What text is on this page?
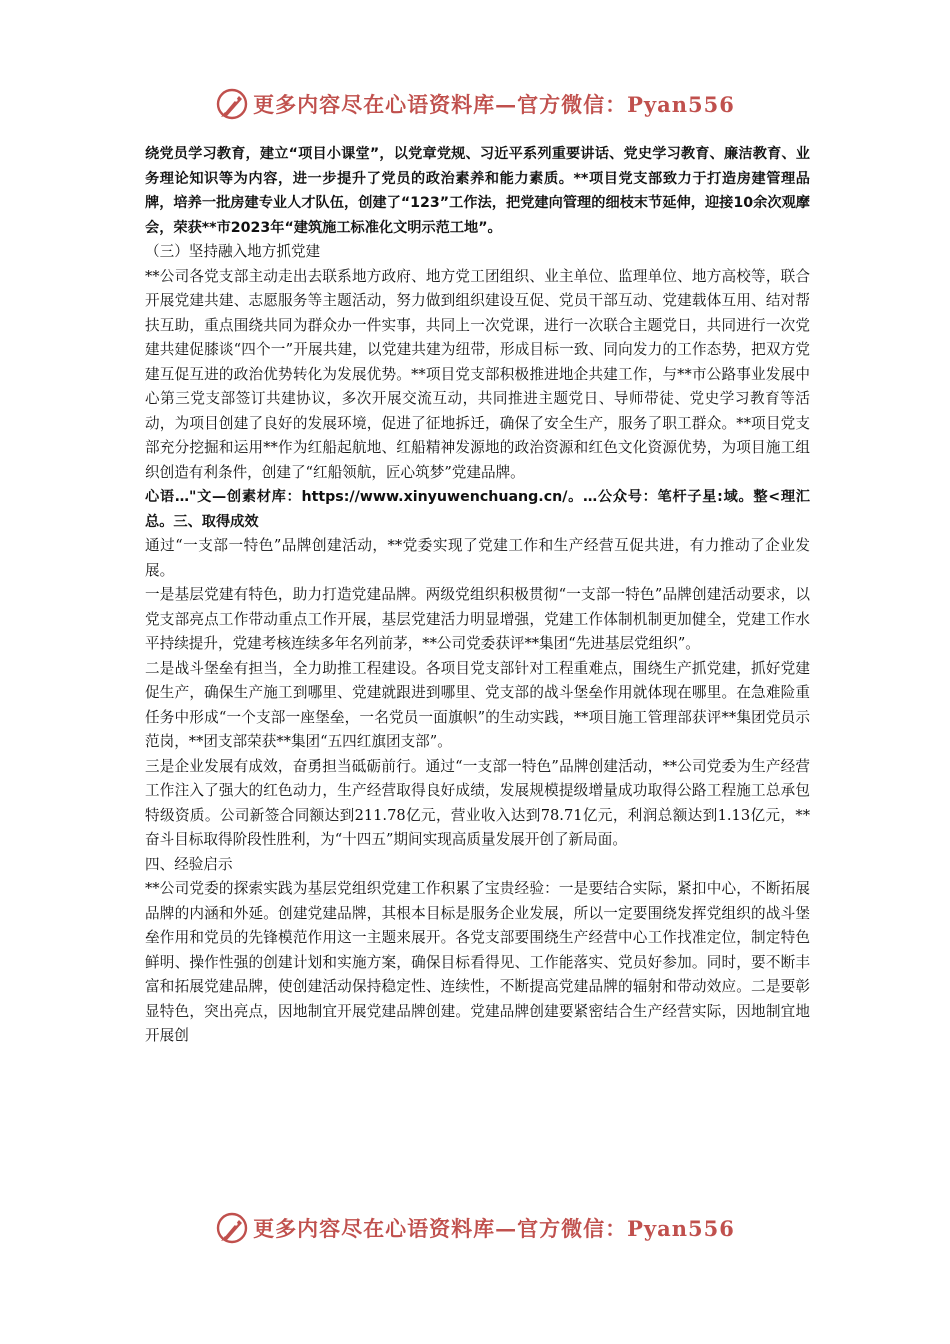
更多内容尽在心语资料库—官方微信：Pyan556

绕党员学习教育，建立“项目小课堂”，以党章党规、习近平系列重要讲话、党史学习教育、廉洁教育、业务理论知识等为内容，进一步提升了党员的政治素养和能力素质。**项目党支部致力于打造房建管理品牌，培养一批房建专业人才队伍，创建了“123”工作法，把党建向管理的细枝末节延伸，迎接10余次观摩会，荣获**市2023年“建筑施工标准化文明示范工地”。

（三）坚持融入地方抓党建

**公司各党支部主动走出去联系地方政府、地方党工团组织、业主单位、监理单位、地方高校等，联合开展党建共建、志愿服务等主题活动，努力做到组织建设互促、党员干部互动、党建载体互用、结对帮扶互助，重点围绕共同为群众办一件实事，共同上一次党课，进行一次联合主题党日，共同进行一次党建共建促膝谈“四个一”开展共建，以党建共建为纽带，形成目标一致、同向发力的工作态势，把双方党建互促互进的政治优势转化为发展优势。**项目党支部积极推进地企共建工作，与**市公路事业发展中心第三党支部签订共建协议，多次开展交流互动，共同推进主题党日、导师带徒、党史学习教育等活动，为项目创建了良好的发展环境，促进了征地拆迁，确保了安全生产，服务了职工群众。**项目党支部充分挖掘和运用**作为红船起航地、红船精神发源地的政治资源和红色文化资源优势，为项目施工组织创造有利条件，创建了“红船领航，匠心筑梦”党建品牌。

心语…"文—创素材库：https://www.xinyuwenchuang.cn/。…公众号：笔杆子星:域。整<理汇总。三、取得成效

通过“一支部一特色”品牌创建活动，**党委实现了党建工作和生产经营互促共进，有力推动了企业发展。

一是基层党建有特色，助力打造党建品牌。两级党组织积极贯彻“一支部一特色”品牌创建活动要求，以党支部亮点工作带动重点工作开展，基层党建活力明显增强，党建工作体制机制更加健全，党建工作水平持续提升，党建考核连续多年名列前茅，**公司党委获评**集团“先进基层党组织”。

二是战斗堡垒有担当，全力助推工程建设。各项目党支部针对工程重难点，围绕生产抓党建，抓好党建促生产，确保生产施工到哪里、党建就跟进到哪里、党支部的战斗堡垒作用就体现在哪里。在急难险重任务中形成“一个支部一座堡垒，一名党员一面旗帜”的生动实践，**项目施工管理部获评**集团党员示范岗，**团支部荣获**集团“五四红旗团支部”。

三是企业发展有成效，奋勇担当砥砺前行。通过“一支部一特色”品牌创建活动，**公司党委为生产经营工作注入了强大的红色动力，生产经营取得良好成绩，发展规模提级增量成功取得公路工程施工总承包特级资质。公司新签合同额达到211.78亿元，营业收入达到78.71亿元，利润总额达到1.13亿元，**奋斗目标取得阶段性胜利，为“十四五”期间实现高质量发展开创了新局面。

四、经验启示

**公司党委的探索实践为基层党组织党建工作积累了宝贵经验：一是要结合实际，紧扣中心，不断拓展品牌的内涵和外延。创建党建品牌，其根本目标是服务企业发展，所以一定要围绕发挥党组织的战斗堡垒作用和党员的先锋模范作用这一主题来展开。各党支部要围绕生产经营中心工作找准定位，制定特色鲜明、操作性强的创建计划和实施方案，确保目标看得见、工作能落实、党员好参加。同时，要不断丰富和拓展党建品牌，使创建活动保持稳定性、连续性，不断提高党建品牌的辐射和带动效应。二是要彰显特色，突出亮点，因地制宜开展党建品牌创建。党建品牌创建要紧密结合生产经营实际，因地制宜地开展创

更多内容尽在心语资料库—官方微信：Pyan556
